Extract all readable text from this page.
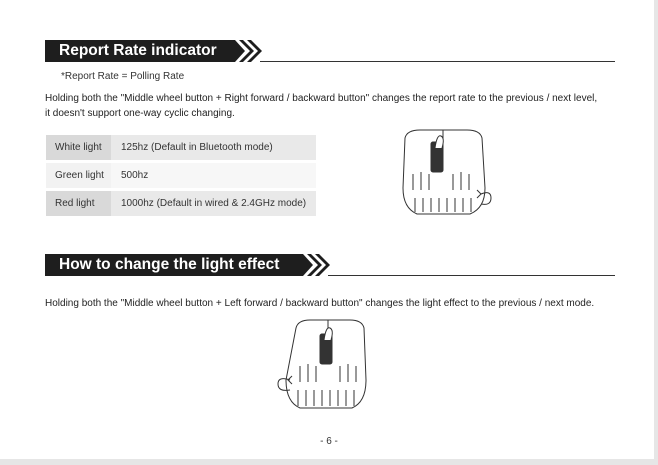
Report Rate indicator
*Report Rate = Polling Rate
Holding both the "Middle wheel button + Right forward / backward button" changes the report rate to the previous / next level,
it doesn't support one-way cyclic changing.
White light	125hz (Default in Bluetooth mode)
Green light	500hz
Red light	1000hz (Default in wired & 2.4GHz mode)
How to change the light effect
Holding both the "Middle wheel button + Left forward / backward button" changes the light effect to the previous / next mode.
- 6 -
